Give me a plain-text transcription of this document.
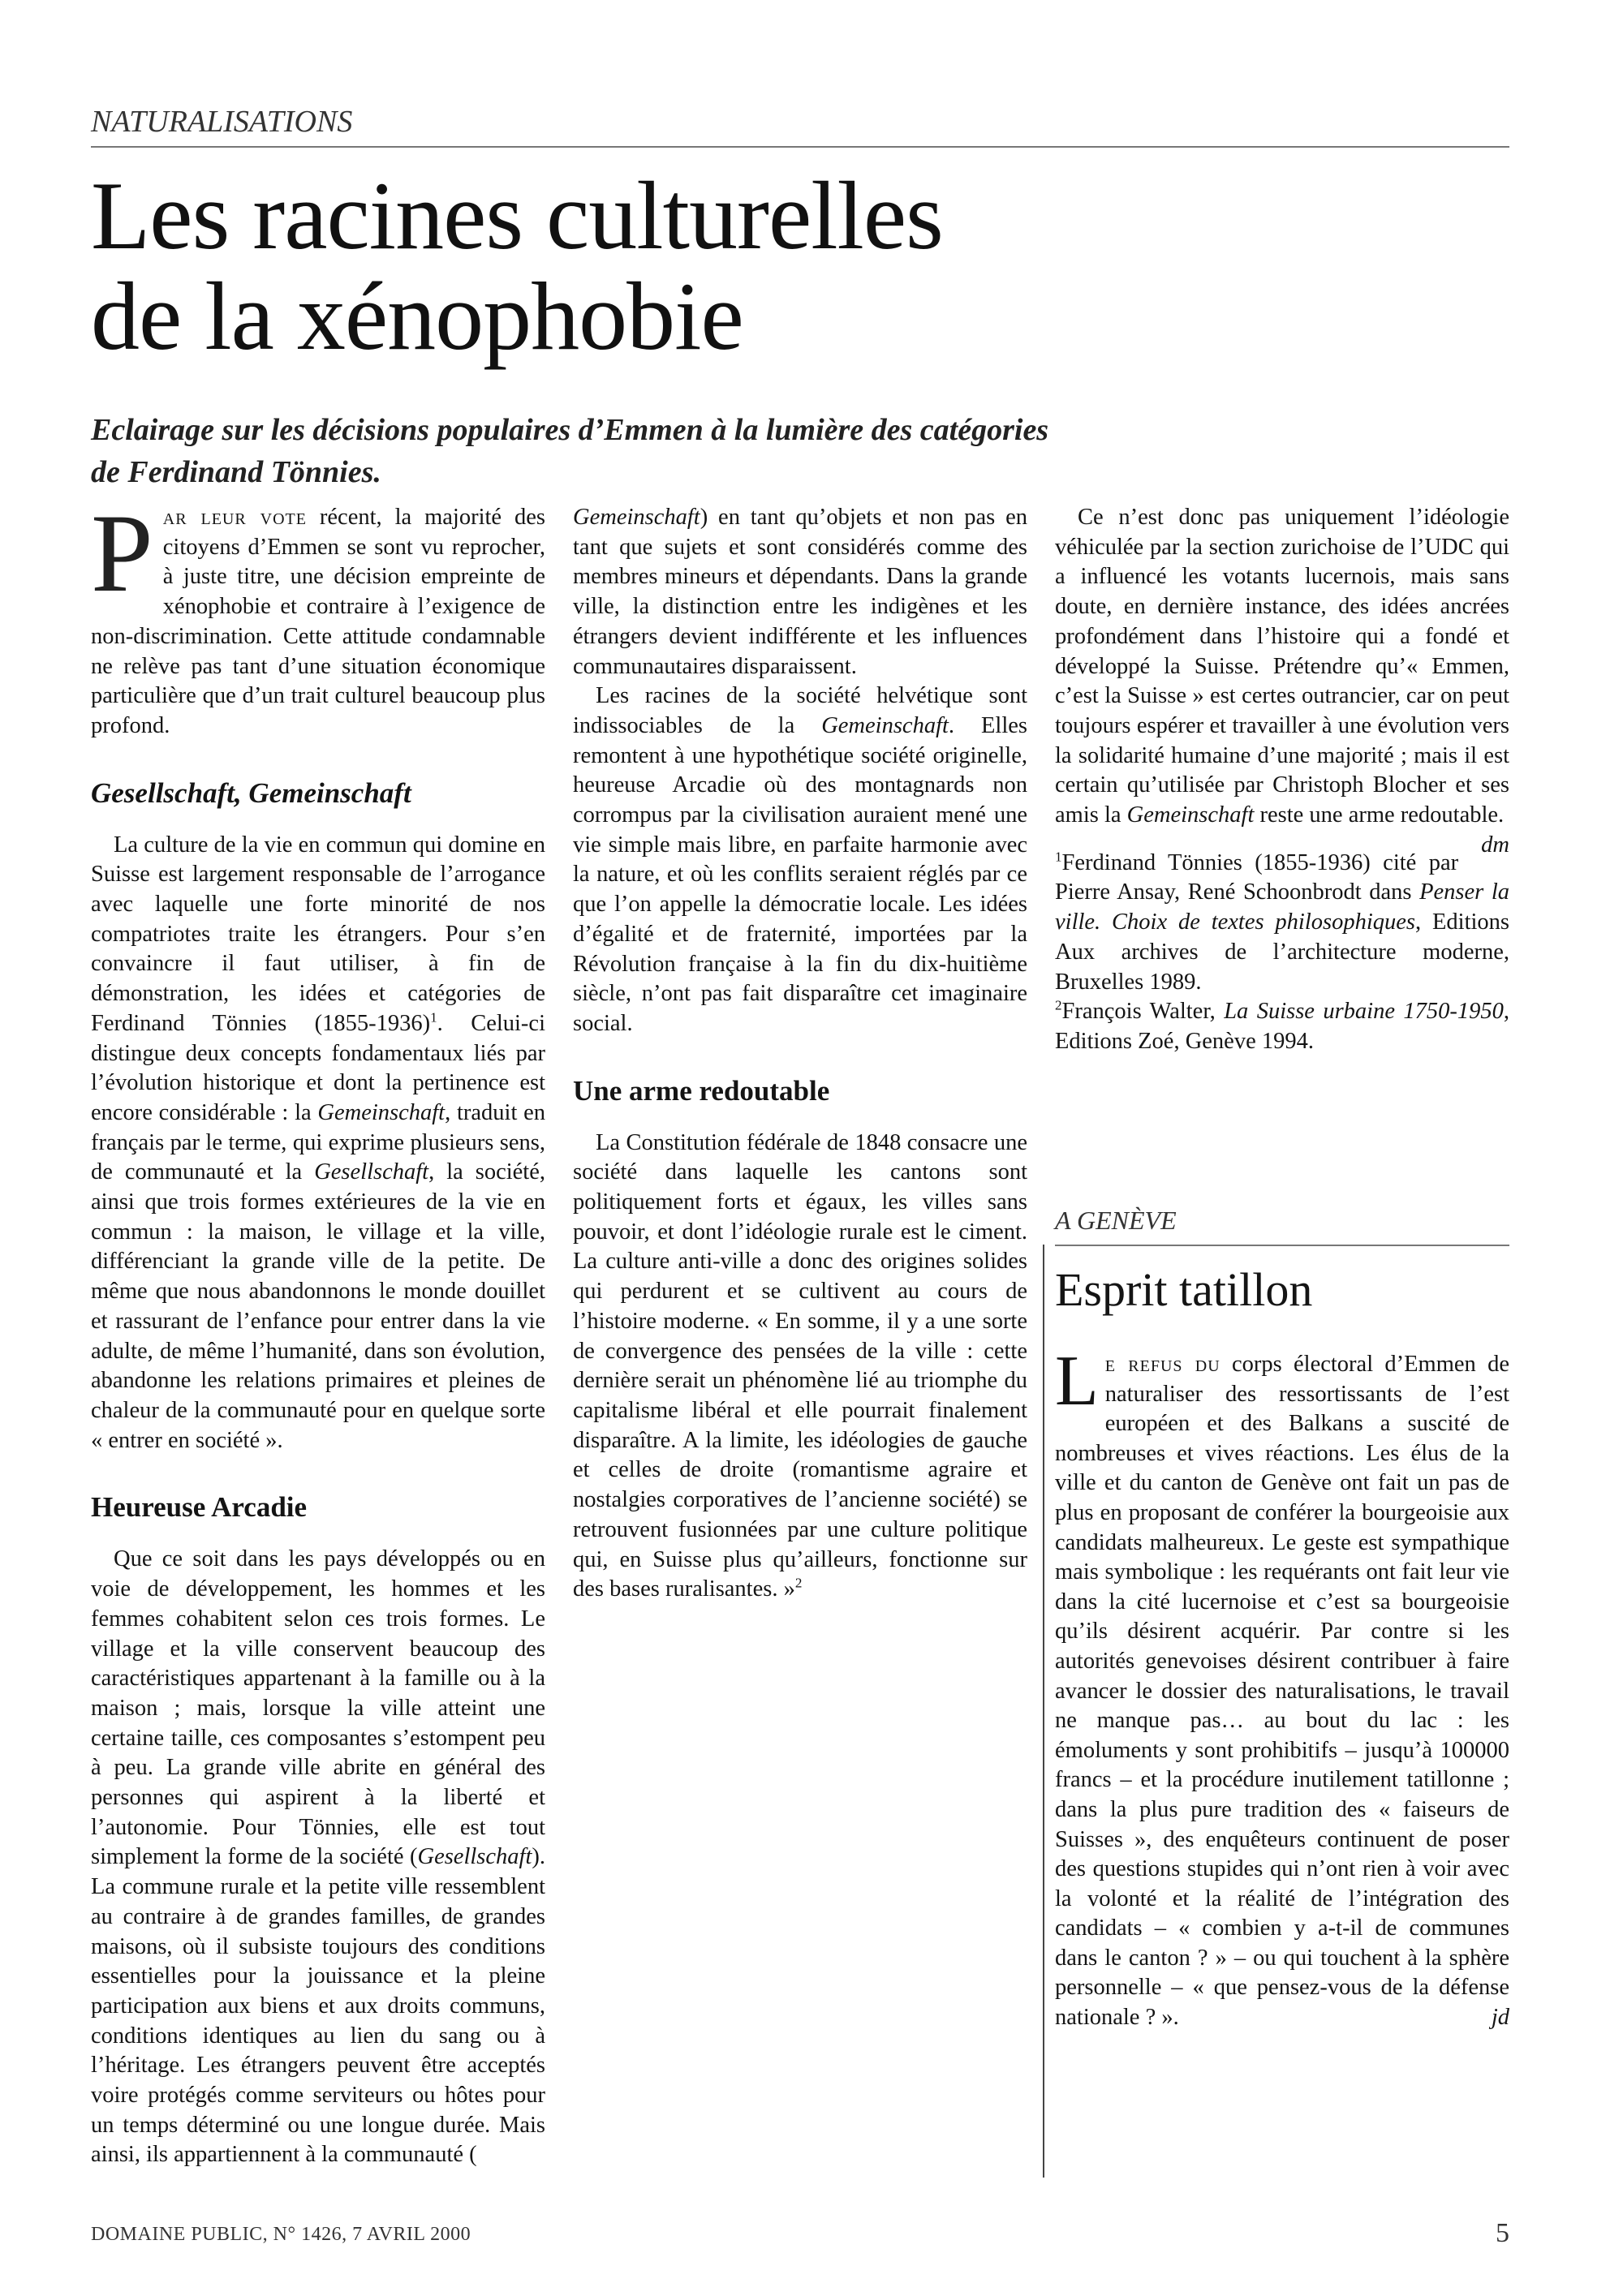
NATURALISATIONS
Les racines culturelles
de la xénophobie

Eclairage sur les décisions populaires d’Emmen à la lumière des catégories
de Ferdinand Tönnies.

Par leur vote récent, la majorité des citoyens d’Emmen se sont vu reprocher, à juste titre, une décision empreinte de xénophobie et contraire à l’exigence de non-discrimination. Cette attitude condamnable ne relève pas tant d’une situation économique particulière que d’un trait culturel beaucoup plus profond.

Gesellschaft, Gemeinschaft

La culture de la vie en commun qui domine en Suisse est largement responsable de l’arrogance avec laquelle une forte minorité de nos compatriotes traite les étrangers. Pour s’en convaincre il faut utiliser, à fin de démonstration, les idées et catégories de Ferdinand Tönnies (1855-1936)$^1$. Celui-ci distingue deux concepts fondamentaux liés par l’évolution historique et dont la pertinence est encore considérable : la Gemeinschaft, traduit en français par le terme, qui exprime plusieurs sens, de communauté et la Gesellschaft, la société, ainsi que trois formes extérieures de la vie en commun : la maison, le village et la ville, différenciant la grande ville de la petite. De même que nous abandonnons le monde douillet et rassurant de l’enfance pour entrer dans la vie adulte, de même l’humanité, dans son évolution, abandonne les relations primaires et pleines de chaleur de la communauté pour en quelque sorte « entrer en société ».

Heureuse Arcadie

Que ce soit dans les pays développés ou en voie de développement, les hommes et les femmes cohabitent selon ces trois formes. Le village et la ville conservent beaucoup des caractéristiques appartenant à la famille ou à la maison ; mais, lorsque la ville atteint une certaine taille, ces composantes s’estompent peu à peu. La grande ville abrite en général des personnes qui aspirent à la liberté et l’autonomie. Pour Tönnies, elle est tout simplement la forme de la société (Gesellschaft). La commune rurale et la petite ville ressemblent au contraire à de grandes familles, de grandes maisons, où il subsiste toujours des conditions essentielles pour la jouissance et la pleine participation aux biens et aux droits communs, conditions identiques au lien du sang ou à l’héritage. Les étrangers peuvent être acceptés voire protégés comme serviteurs ou hôtes pour un temps déterminé ou une longue durée. Mais ainsi, ils appartiennent à la communauté (

Gemeinschaft) en tant qu’objets et non pas en tant que sujets et sont considérés comme des membres mineurs et dépendants. Dans la grande ville, la distinction entre les indigènes et les étrangers devient indifférente et les influences communautaires disparaissent.

Les racines de la société helvétique sont indissociables de la Gemeinschaft. Elles remontent à une hypothétique société originelle, heureuse Arcadie où des montagnards non corrompus par la civilisation auraient mené une vie simple mais libre, en parfaite harmonie avec la nature, et où les conflits seraient réglés par ce que l’on appelle la démocratie locale. Les idées d’égalité et de fraternité, importées par la Révolution française à la fin du dix-huitième siècle, n’ont pas fait disparaître cet imaginaire social.

Une arme redoutable

La Constitution fédérale de 1848 consacre une société dans laquelle les cantons sont politiquement forts et égaux, les villes sans pouvoir, et dont l’idéologie rurale est le ciment. La culture anti-ville a donc des origines solides qui perdurent et se cultivent au cours de l’histoire moderne. « En somme, il y a une sorte de convergence des pensées de la ville : cette dernière serait un phénomène lié au triomphe du capitalisme libéral et elle pourrait finalement disparaître. A la limite, les idéologies de gauche et celles de droite (romantisme agraire et nostalgies corporatives de l’ancienne société) se retrouvent fusionnées par une culture politique qui, en Suisse plus qu’ailleurs, fonctionne sur des bases ruralisantes. »$^2$

Ce n’est donc pas uniquement l’idéologie véhiculée par la section zurichoise de l’UDC qui a influencé les votants lucernois, mais sans doute, en dernière instance, des idées ancrées profondément dans l’histoire qui a fondé et développé la Suisse. Prétendre qu’« Emmen, c’est la Suisse » est certes outrancier, car on peut toujours espérer et travailler à une évolution vers la solidarité humaine d’une majorité ; mais il est certain qu’utilisée par Christoph Blocher et ses amis la Gemeinschaft reste une arme redoutable.
dm

$^1$Ferdinand Tönnies (1855-1936) cité par Pierre Ansay, René Schoonbrodt dans Penser la ville. Choix de textes philosophiques, Editions Aux archives de l’architecture moderne, Bruxelles 1989.

$^2$François Walter, La Suisse urbaine 1750-1950, Editions Zoé, Genève 1994.

A GENÈVE
Esprit tatillon

Le refus du corps électoral d’Emmen de naturaliser des ressortissants de l’est européen et des Balkans a suscité de nombreuses et vives réactions. Les élus de la ville et du canton de Genève ont fait un pas de plus en proposant de conférer la bourgeoisie aux candidats malheureux. Le geste est sympathique mais symbolique : les requérants ont fait leur vie dans la cité lucernoise et c’est sa bourgeoisie qu’ils désirent acquérir. Par contre si les autorités genevoises désirent contribuer à faire avancer le dossier des naturalisations, le travail ne manque pas… au bout du lac : les émoluments y sont prohibitifs – jusqu’à 100000 francs – et la procédure inutilement tatillonne ; dans la plus pure tradition des « faiseurs de Suisses », des enquêteurs continuent de poser des questions stupides qui n’ont rien à voir avec la volonté et la réalité de l’intégration des candidats – « combien y a-t-il de communes dans le canton ? » – ou qui touchent à la sphère personnelle – « que pensez-vous de la défense nationale ? ».	jd

DOMAINE PUBLIC, N° 1426, 7 AVRIL 2000	5
